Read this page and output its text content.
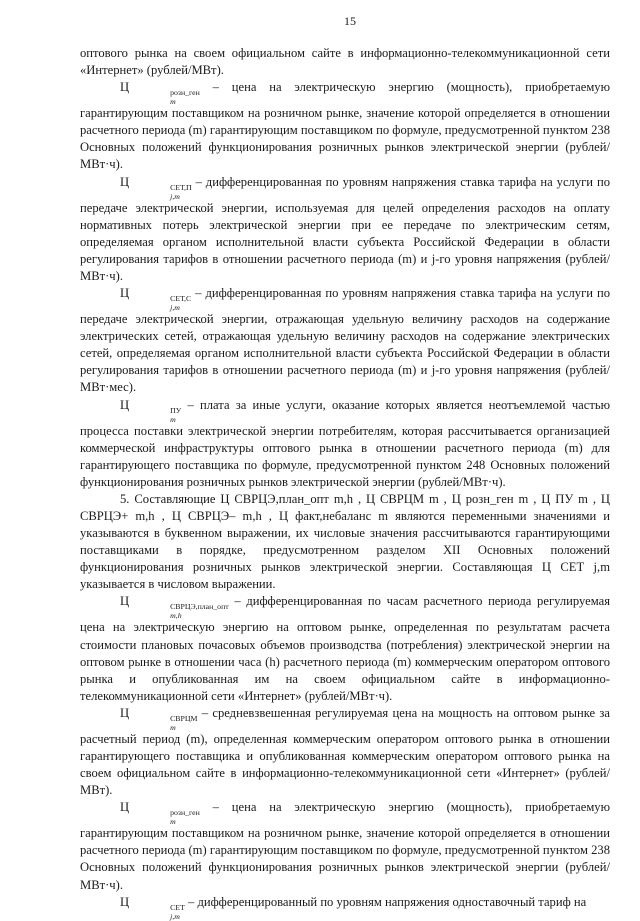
15

оптового рынка на своем официальном сайте в информационно-телекоммуникационной сети «Интернет» (рублей/МВт).

Ц	розн_ген
m
– цена на электрическую энергию (мощность), приобретаемую гарантирующим поставщиком на розничном рынке, значение которой определяется в отношении расчетного периода (m) гарантирующим поставщиком по формуле, предусмотренной пунктом 238 Основных положений функционирования розничных рынков электрической энергии (рублей/МВт·ч).

Ц	СЕТ,П
j,m
– дифференцированная по уровням напряжения ставка тарифа на услуги по передаче электрической энергии, используемая для целей определения расходов на оплату нормативных потерь электрической энергии при ее передаче по электрическим сетям, определяемая органом исполнительной власти субъекта Российской Федерации в области регулирования тарифов в отношении расчетного периода (m) и j-го уровня напряжения (рублей/МВт·ч).

Ц	СЕТ,С
j,m
– дифференцированная по уровням напряжения ставка тарифа на услуги по передаче электрической энергии, отражающая удельную величину расходов на содержание электрических сетей, отражающая удельную величину расходов на содержание электрических сетей, определяемая органом исполнительной власти субъекта Российской Федерации в области регулирования тарифов в отношении расчетного периода (m) и j-го уровня напряжения (рублей/МВт·мес).

Ц	ПУ
m
– плата за иные услуги, оказание которых является неотъемлемой частью процесса поставки электрической энергии потребителям, которая рассчитывается организацией коммерческой инфраструктуры оптового рынка в отношении расчетного периода (m) для гарантирующего поставщика по формуле, предусмотренной пунктом 248 Основных положений функционирования розничных рынков электрической энергии (рублей/МВт·ч).

5. Составляющие Ц СВРЦЭ,план_опт m,h , Ц СВРЦМ m , Ц розн_ген m , Ц ПУ m , Ц СВРЦЭ+ m,h , Ц СВРЦЭ– m,h , Ц факт,небаланс m являются переменными значениями и указываются в буквенном выражении, их числовые значения рассчитываются гарантирующими поставщиками в порядке, предусмотренном разделом XII Основных положений функционирования розничных рынков электрической энергии. Составляющая Ц СЕТ j,m указывается в числовом выражении.

Ц	СВРЦЭ,план_опт
m,h
– дифференцированная по часам расчетного периода регулируемая цена на электрическую энергию на оптовом рынке, определенная по результатам расчета стоимости плановых почасовых объемов производства (потребления) электрической энергии на оптовом рынке в отношении часа (h) расчетного периода (m) коммерческим оператором оптового рынка и опубликованная им на своем официальном сайте в информационно-телекоммуникационной сети «Интернет» (рублей/МВт·ч).

Ц	СВРЦМ
m
– средневзвешенная регулируемая цена на мощность на оптовом рынке за расчетный период (m), определенная коммерческим оператором оптового рынка в отношении гарантирующего поставщика и опубликованная коммерческим оператором оптового рынка на своем официальном сайте в информационно-телекоммуникационной сети «Интернет» (рублей/МВт).

Ц	розн_ген
m
– цена на электрическую энергию (мощность), приобретаемую гарантирующим поставщиком на розничном рынке, значение которой определяется в отношении расчетного периода (m) гарантирующим поставщиком по формуле, предусмотренной пунктом 238 Основных положений функционирования розничных рынков электрической энергии (рублей/МВт·ч).

Ц	СЕТ
j,m
– дифференцированный по уровням напряжения одноставочный тариф на
